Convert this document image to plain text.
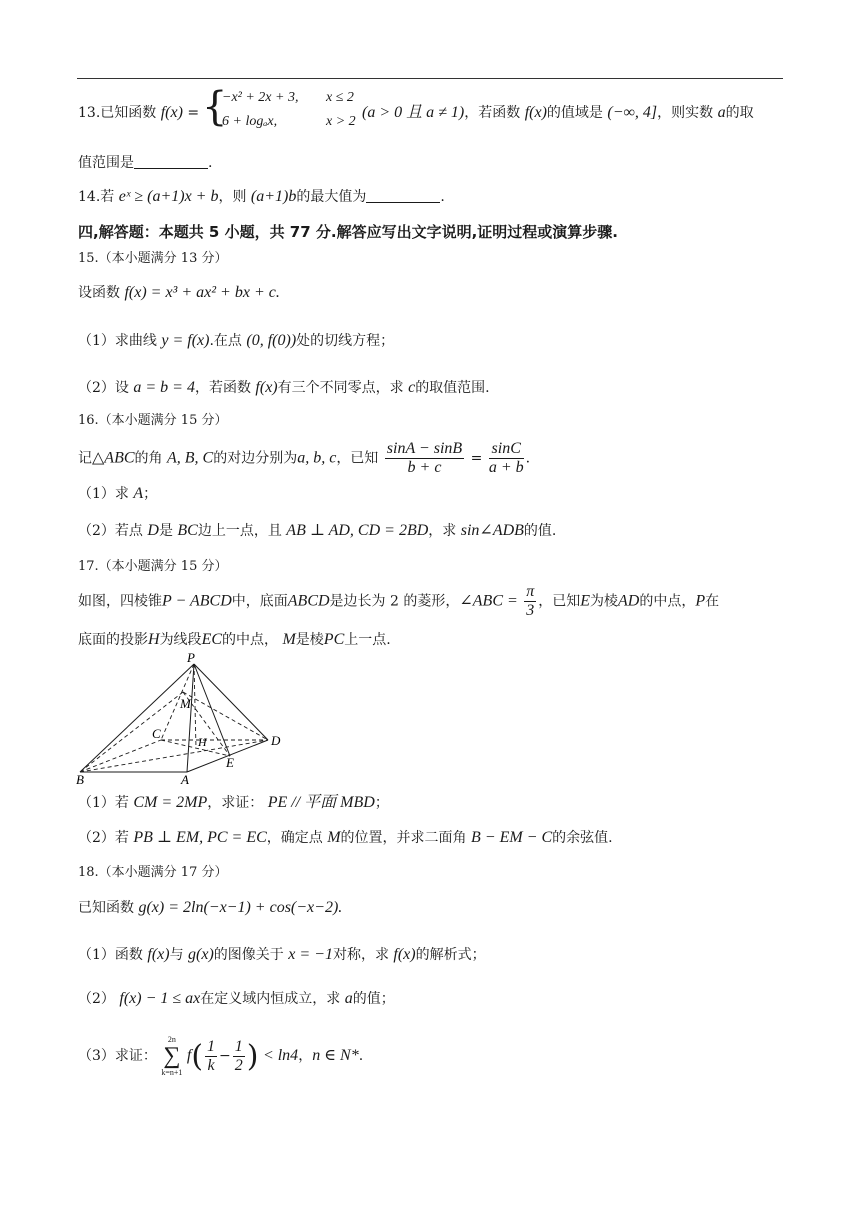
13.已知函数 f(x) = {
−x² + 2x + 3, x ≤ 2
6 + logₐx,	x > 2
(a > 0 且 a ≠ 1)，若函数 f(x)的值域是 (−∞, 4]，则实数 a的取
值范围是	.
14.若 eˣ ≥ (a+1)x + b，则 (a+1)b的最大值为	.
四,解答题：本题共 5 小题，共 77 分.解答应写出文字说明,证明过程或演算步骤.
15.（本小题满分 13 分）
设函数 f(x) = x³ + ax² + bx + c.
（1）求曲线 y = f(x).在点 (0, f(0))处的切线方程；
（2）设 a = b = 4，若函数 f(x)有三个不同零点，求 c的取值范围.
16.（本小题满分 15 分）
记△ABC的角 A, B, C的对边分别为a, b, c，已知 $\frac{\sin A - \sin B}{b + c} = \frac{\sin C}{a + b}$ .
（1）求 A；
（2）若点 D是 BC边上一点，且 AB ⊥ AD, CD = 2BD，求 sin∠ADB的值.
17.（本小题满分 15 分）
如图，四棱锥P − ABCD中，底面ABCD是边长为 2 的菱形，∠ABC = $\frac{\pi}{3}$ ，已知E为棱AD的中点，P在
底面的投影H为线段EC的中点， M是棱PC上一点.
P
M
C
H	D
E
B	A
（1）若 CM = 2MP，求证： PE // 平面 MBD；
（2）若 PB ⊥ EM, PC = EC，确定点 M的位置，并求二面角 B − EM − C的余弦值.
18.（本小题满分 17 分）
已知函数 g(x) = 2ln(−x−1) + cos(−x−2).
（1）函数 f(x)与 g(x)的图像关于 x = −1对称，求 f(x)的解析式；
（2） f(x) − 1 ≤ ax在定义域内恒成立，求 a的值；
（3）求证：
2n
∑
k=n+1
$f( \frac{1}{k} - \frac{1}{2}$ ) < ln4，n ∈ N*.
